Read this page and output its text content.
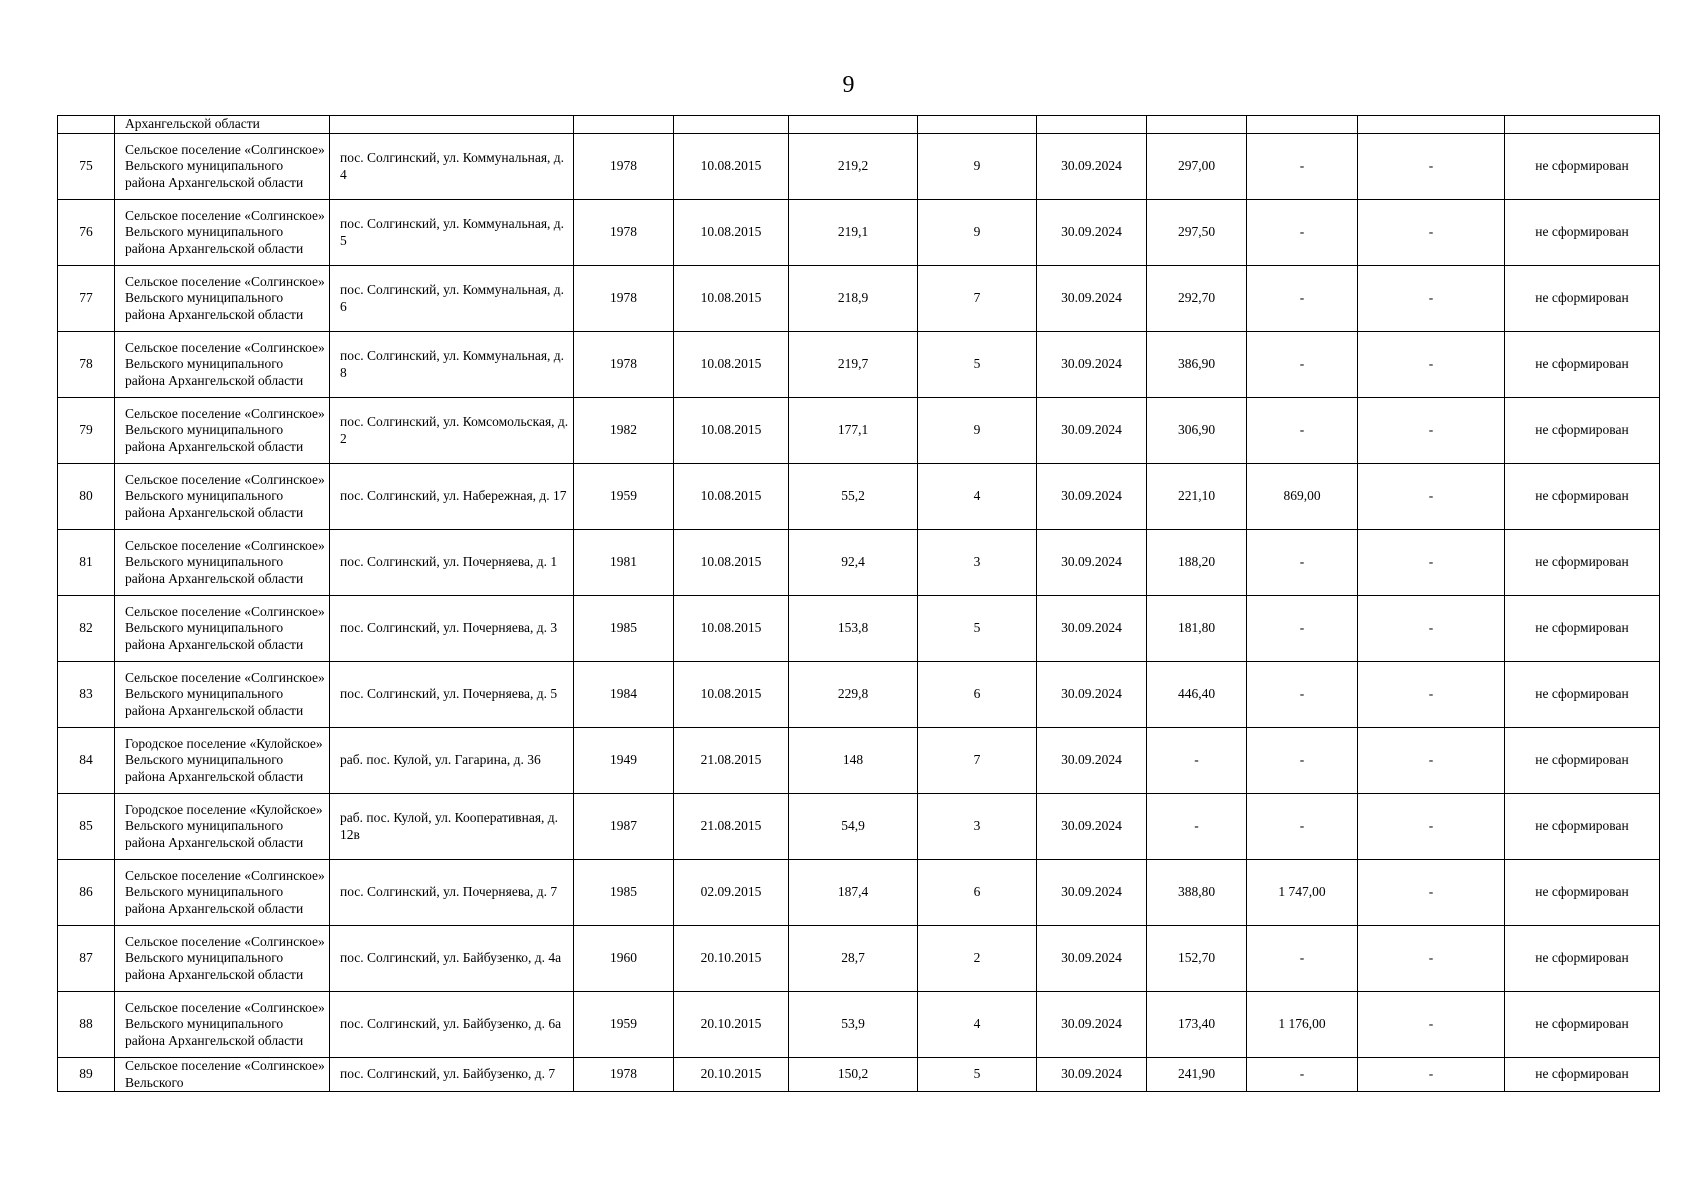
9
	Архангельской области										
75	Сельское поселение «Солгинское» Вельского муниципального района Архангельской области	пос. Солгинский, ул. Коммунальная, д. 4	1978	10.08.2015	219,2	9	30.09.2024	297,00	-	-	не сформирован
76	Сельское поселение «Солгинское» Вельского муниципального района Архангельской области	пос. Солгинский, ул. Коммунальная, д. 5	1978	10.08.2015	219,1	9	30.09.2024	297,50	-	-	не сформирован
77	Сельское поселение «Солгинское» Вельского муниципального района Архангельской области	пос. Солгинский, ул. Коммунальная, д. 6	1978	10.08.2015	218,9	7	30.09.2024	292,70	-	-	не сформирован
78	Сельское поселение «Солгинское» Вельского муниципального района Архангельской области	пос. Солгинский, ул. Коммунальная, д. 8	1978	10.08.2015	219,7	5	30.09.2024	386,90	-	-	не сформирован
79	Сельское поселение «Солгинское» Вельского муниципального района Архангельской области	пос. Солгинский, ул. Комсомольская, д. 2	1982	10.08.2015	177,1	9	30.09.2024	306,90	-	-	не сформирован
80	Сельское поселение «Солгинское» Вельского муниципального района Архангельской области	пос. Солгинский, ул. Набережная, д. 17	1959	10.08.2015	55,2	4	30.09.2024	221,10	869,00	-	не сформирован
81	Сельское поселение «Солгинское» Вельского муниципального района Архангельской области	пос. Солгинский, ул. Почерняева, д. 1	1981	10.08.2015	92,4	3	30.09.2024	188,20	-	-	не сформирован
82	Сельское поселение «Солгинское» Вельского муниципального района Архангельской области	пос. Солгинский, ул. Почерняева, д. 3	1985	10.08.2015	153,8	5	30.09.2024	181,80	-	-	не сформирован
83	Сельское поселение «Солгинское» Вельского муниципального района Архангельской области	пос. Солгинский, ул. Почерняева, д. 5	1984	10.08.2015	229,8	6	30.09.2024	446,40	-	-	не сформирован
84	Городское поселение «Кулойское» Вельского муниципального района Архангельской области	раб. пос. Кулой, ул. Гагарина, д. 36	1949	21.08.2015	148	7	30.09.2024	-	-	-	не сформирован
85	Городское поселение «Кулойское» Вельского муниципального района Архангельской области	раб. пос. Кулой, ул. Кооперативная, д. 12в	1987	21.08.2015	54,9	3	30.09.2024	-	-	-	не сформирован
86	Сельское поселение «Солгинское» Вельского муниципального района Архангельской области	пос. Солгинский, ул. Почерняева, д. 7	1985	02.09.2015	187,4	6	30.09.2024	388,80	1 747,00	-	не сформирован
87	Сельское поселение «Солгинское» Вельского муниципального района Архангельской области	пос. Солгинский, ул. Байбузенко, д. 4а	1960	20.10.2015	28,7	2	30.09.2024	152,70	-	-	не сформирован
88	Сельское поселение «Солгинское» Вельского муниципального района Архангельской области	пос. Солгинский, ул. Байбузенко, д. 6а	1959	20.10.2015	53,9	4	30.09.2024	173,40	1 176,00	-	не сформирован
89	Сельское поселение «Солгинское» Вельского	пос. Солгинский, ул. Байбузенко, д. 7	1978	20.10.2015	150,2	5	30.09.2024	241,90	-	-	не сформирован
